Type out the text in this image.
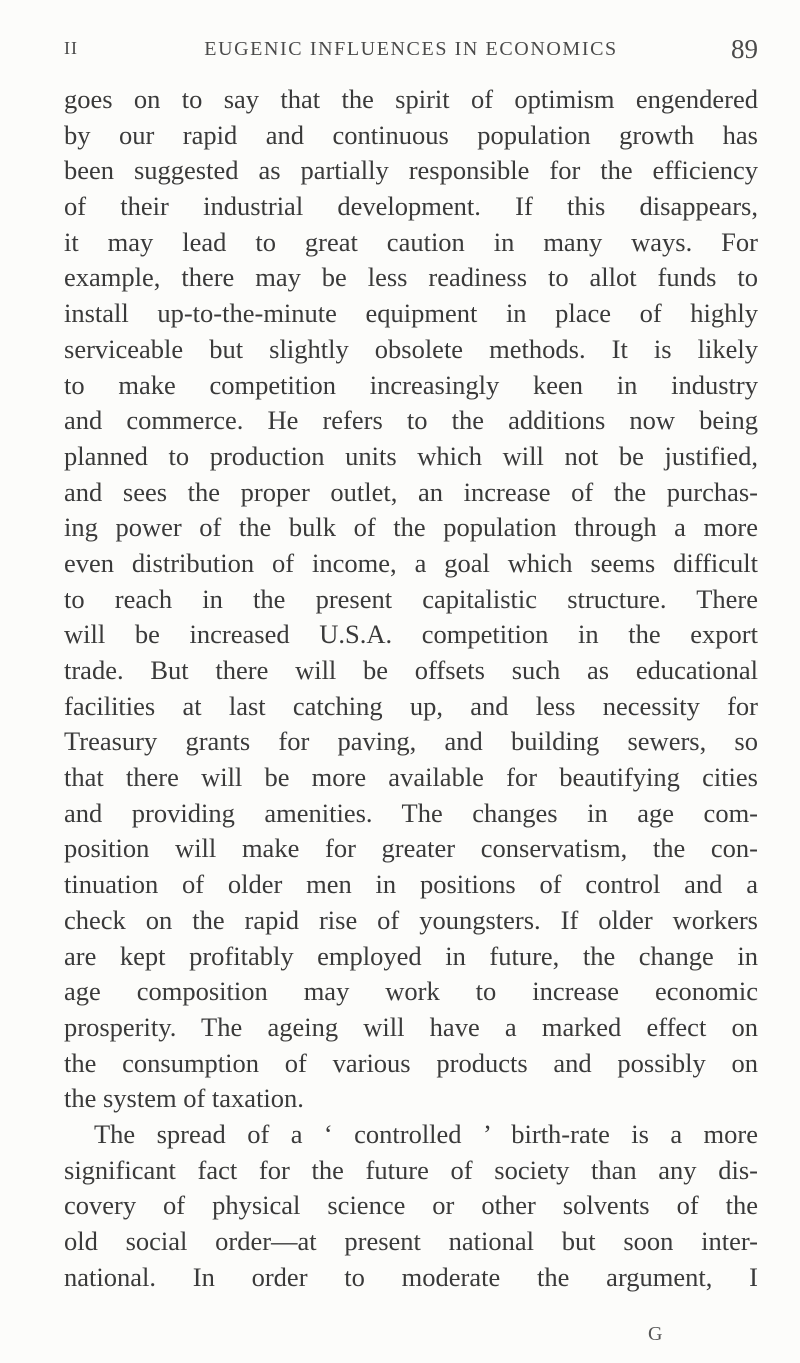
II	EUGENIC INFLUENCES IN ECONOMICS	89
goes on to say that the spirit of optimism engendered
by our rapid and continuous population growth has
been suggested as partially responsible for the efficiency
of their industrial development. If this disappears,
it may lead to great caution in many ways. For
example, there may be less readiness to allot funds to
install up-to-the-minute equipment in place of highly
serviceable but slightly obsolete methods. It is likely
to make competition increasingly keen in industry
and commerce. He refers to the additions now being
planned to production units which will not be justified,
and sees the proper outlet, an increase of the purchas-
ing power of the bulk of the population through a more
even distribution of income, a goal which seems difficult
to reach in the present capitalistic structure. There
will be increased U.S.A. competition in the export
trade. But there will be offsets such as educational
facilities at last catching up, and less necessity for
Treasury grants for paving, and building sewers, so
that there will be more available for beautifying cities
and providing amenities. The changes in age com-
position will make for greater conservatism, the con-
tinuation of older men in positions of control and a
check on the rapid rise of youngsters. If older workers
are kept profitably employed in future, the change in
age composition may work to increase economic
prosperity. The ageing will have a marked effect on
the consumption of various products and possibly on
the system of taxation.
The spread of a ‘ controlled ’ birth-rate is a more
significant fact for the future of society than any dis-
covery of physical science or other solvents of the
old social order—at present national but soon inter-
national. In order to moderate the argument, I
G
